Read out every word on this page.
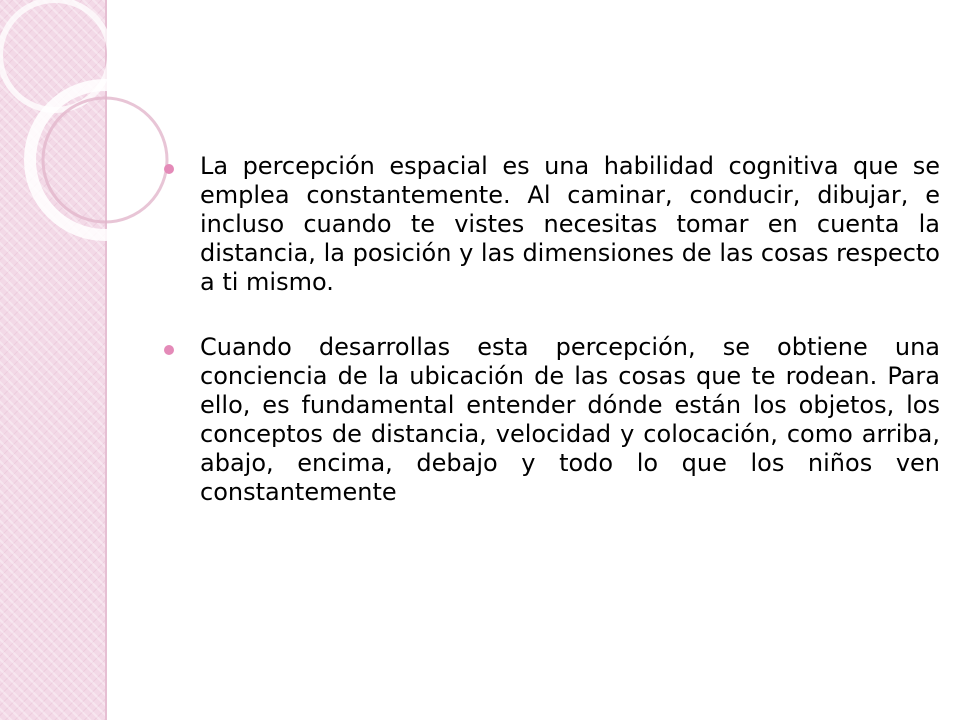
La percepción espacial es una habilidad cognitiva que se emplea constantemente. Al caminar, conducir, dibujar, e incluso cuando te vistes necesitas tomar en cuenta la distancia, la posición y las dimensiones de las cosas respecto a ti mismo.
Cuando desarrollas esta percepción, se obtiene una conciencia de la ubicación de las cosas que te rodean. Para ello, es fundamental entender dónde están los objetos, los conceptos de distancia, velocidad y colocación, como arriba, abajo, encima, debajo y todo lo que los niños ven constantemente
